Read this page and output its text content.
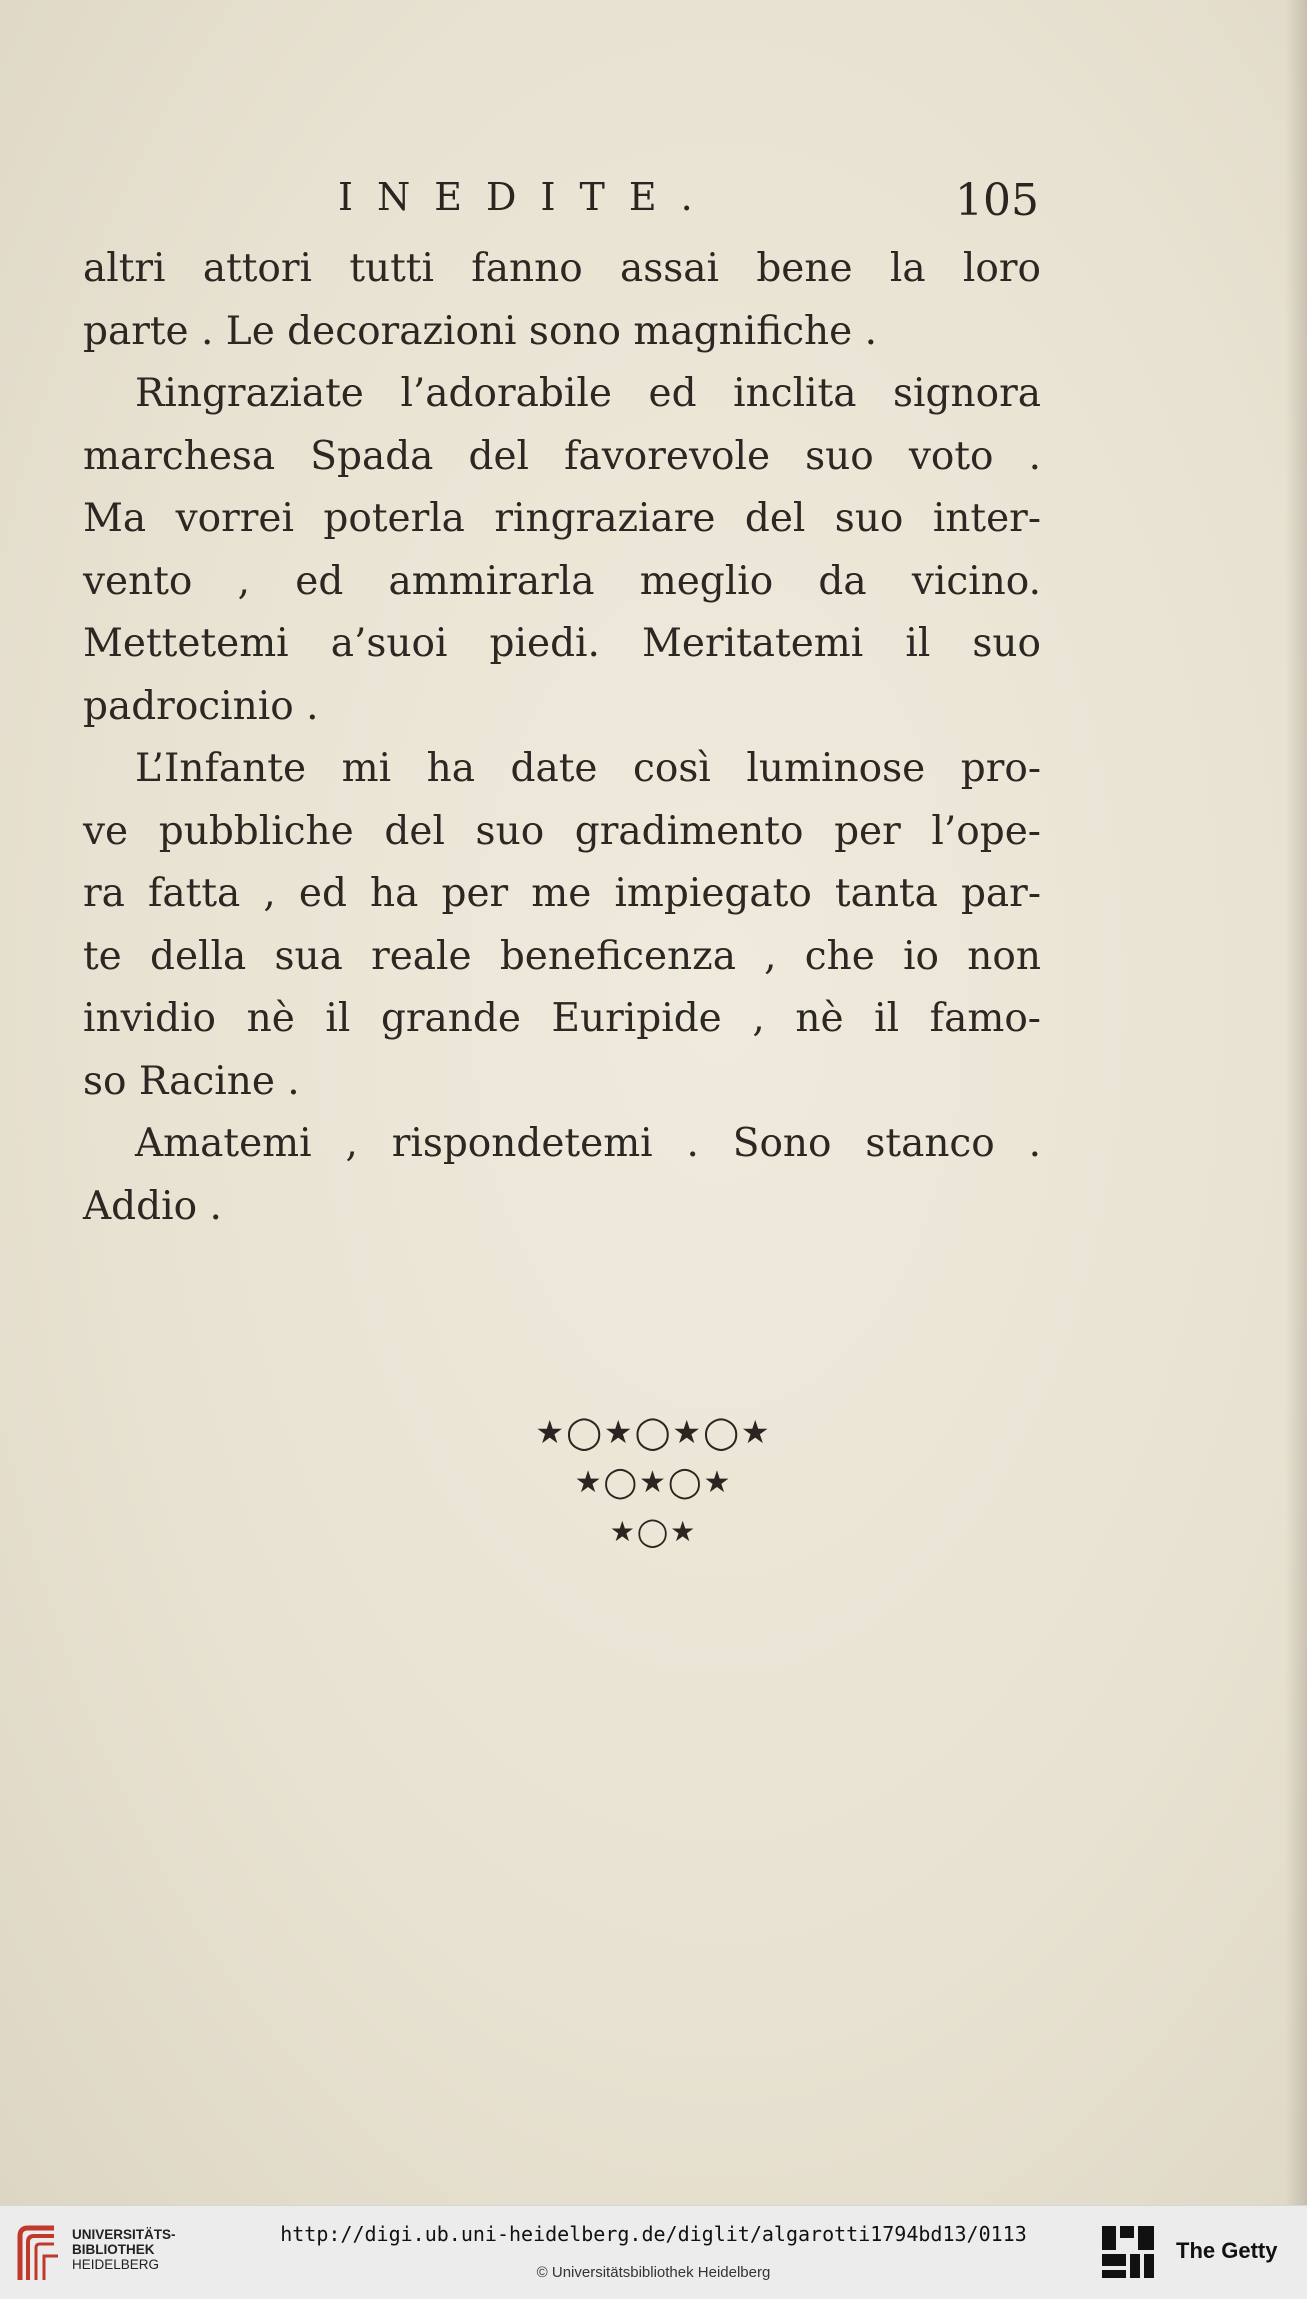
INEDITE.	105
altri attori tutti fanno assai bene la loro
parte . Le decorazioni sono magnifiche .
Ringraziate l’adorabile ed inclita signora
marchesa Spada del favorevole suo voto .
Ma vorrei poterla ringraziare del suo inter-
vento , ed ammirarla meglio da vicino.
Mettetemi a’suoi piedi. Meritatemi il suo
padrocinio .
L’Infante mi ha date così luminose pro-
ve pubbliche del suo gradimento per l’ope-
ra fatta , ed ha per me impiegato tanta par-
te della sua reale beneficenza , che io non
invidio nè il grande Euripide , nè il famo-
so Racine .
Amatemi , rispondetemi . Sono stanco .
Addio .
★◯★◯★◯★
★◯★◯★
★◯★
UNIVERSITÄTS-
BIBLIOTHEK
HEIDELBERG
http://digi.ub.uni-heidelberg.de/diglit/algarotti1794bd13/0113
© Universitätsbibliothek Heidelberg
The Getty
